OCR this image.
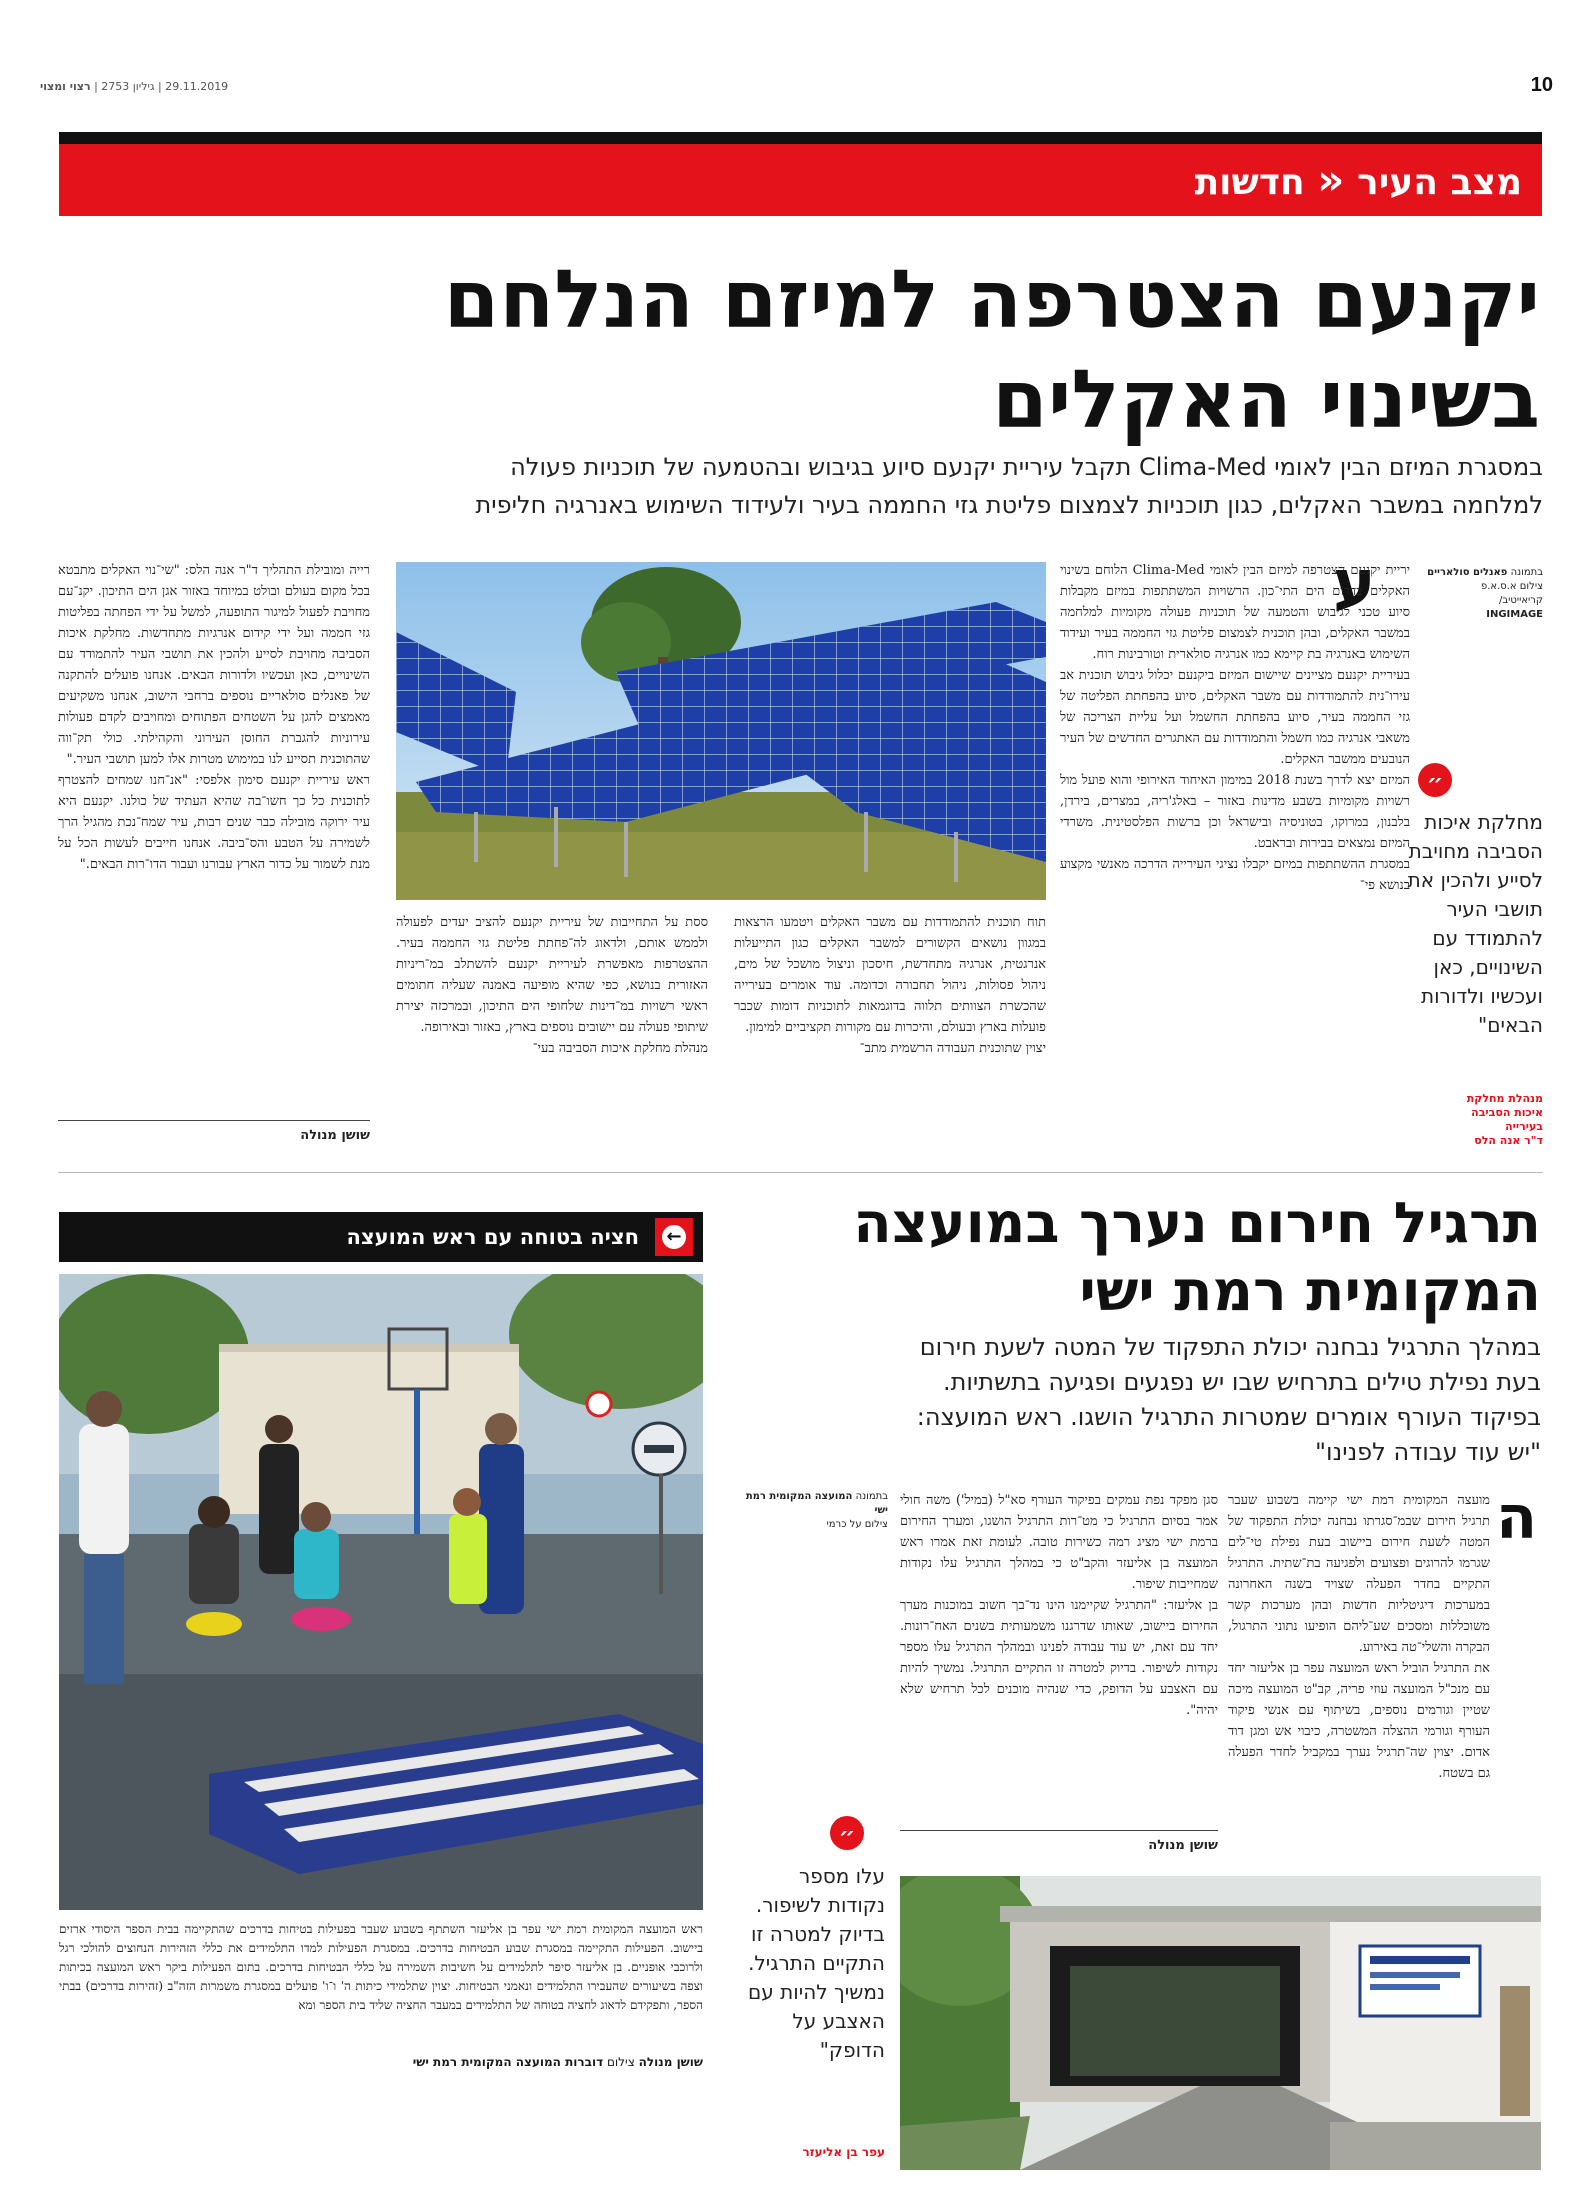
29.11.2019 | גיליון 2753 | רצוי ומצוי	10
מצב העיר « חדשות
יקנעם הצטרפה למיזם הנלחם
בשינוי האקלים
במסגרת המיזם הבין לאומי Clima-Med תקבל עיריית יקנעם סיוע בגיבוש ובהטמעה של תוכניות פעולה
למלחמה במשבר האקלים, כגון תוכניות לצמצום פליטת גזי החממה בעיר ולעידוד השימוש באנרגיה חליפית
בתמונה פאנלים סולאריים
צילום א.ס.א.פ
קריאייטיב/
INGIMAGE
״
מחלקת איכות הסביבה מחויבת לסייע ולהכין את תושבי העיר להתמודד עם השינויים, כאן ועכשיו ולדורות הבאים"
מנהלת מחלקת
איכות הסביבה
בעירייה
ד"ר אנה הלס
ע יריית יקנעם הצטרפה למיזם הבין לאומי Clima-Med הלוחם בשינוי האקלים בדרום הים התי־כון. הרשויות המשתתפות במיזם מקבלות סיוע טכני לגיבוש והטמעה של תוכניות פעולה מקומיות למלחמה במשבר האקלים, ובהן תוכנית לצמצום פליטת גזי החממה בעיר ועידוד השימוש באנרגיה בת קיימא כמו אנרגיה סולארית וטורבינות רוח.
בעיריית יקנעם מציינים שיישום המיזם ביקנעם יכלול גיבוש תוכנית אב עירו־נית להתמודדות עם משבר האקלים, סיוע בהפחתת הפליטה של גזי החממה בעיר, סיוע בהפחתת החשמל ועל עליית הצריכה של משאבי אנרגיה כמו חשמל והתמודדות עם האתגרים החדשים של העיר הנובעים ממשבר האקלים.
המיזם יצא לדרך בשנת 2018 במימון האיחוד האירופי והוא פועל מול רשויות מקומיות בשבע מדינות באזור – באלג'ריה, במצרים, בירדן, בלבנון, במרוקו, בטוניסיה ובישראל וכן ברשות הפלסטינית. משרדי המיזם נמצאים בבירות ובראבט.
במסגרת ההשתתפות במיזם יקבלו נציגי העירייה הדרכה מאנשי מקצוע בנושא פי־
תוח תוכנית להתמודדות עם משבר האקלים ויטמעו הרצאות במגוון נושאים הקשורים למשבר האקלים כגון התייעלות אנרגטית, אנרגיה מתחדשת, חיסכון וניצול מושכל של מים, ניהול פסולות, ניהול תחבורה וכדומה. עוד אומרים בעירייה שהכשרת הצוותים תלווה בדוגמאות לתוכניות דומות שכבר פועלות בארץ ובעולם, והיכרות עם מקורות תקציביים למימון.
יצוין שתוכנית העבודה הרשמית מתב־
ססת על התחייבות של עיריית יקנעם להציב יעדים לפעולה ולממש אותם, ולדאוג לה־פחתת פליטת גזי החממה בעיר. ההצטרפות מאפשרת לעיריית יקנעם להשתלב במ־ריניות האזורית בנושא, כפי שהיא מופיעה באמנה שעליה חתומים ראשי רשויות במ־דינות שלחופי הים התיכון, ובמרכזה יצירת שיתופי פעולה עם יישובים נוספים בארץ, באזור ובאירופה.
מנהלת מחלקת איכות הסביבה בעי־
רייה ומובילת התהליך ד"ר אנה הלס: "שי־נוי האקלים מתבטא בכל מקום בעולם ובולט במיוחד באזור אגן הים התיכון. יקנ־עם מחויבת לפעול למיגור התופעה, למשל על ידי הפחתה בפליטות גזי חממה ועל ידי קידום אנרגיות מתחדשות. מחלקת איכות הסביבה מחויבת לסייע ולהכין את תושבי העיר להתמודד עם השינויים, כאן ועכשיו ולדורות הבאים. אנחנו פועלים להתקנה של פאנלים סולאריים נוספים ברחבי הישוב, אנחנו משקיעים מאמצים להגן על השטחים הפתוחים ומחויבים לקדם פעולות עירוניות להגברת החוסן העירוני והקהילתי. כולי תק־ווה שהתוכנית תסייע לנו במימוש מטרות אלו למען תושבי העיר."
ראש עיריית יקנעם סימון אלפסי: "אנ־חנו שמחים להצטרף לתוכנית כל כך חשו־בה שהיא העתיד של כולנו. יקנעם היא עיר ירוקה מובילה כבר שנים רבות, עיר שמח־נכת מהגיל הרך לשמירה על הטבע והס־ביבה. אנחנו חייבים לעשות הכל על מנת לשמור על כדור הארץ עבורנו ועבור הדו־רות הבאים."
שושן מנולה
←
חציה בטוחה עם ראש המועצה
ראש המועצה המקומית רמת ישי עפר בן אליעזר השתתף בשבוע שעבר בפעילות בטיחות בדרכים שהתקיימה בבית הספר היסודי ארזים ביישוב. הפעילות התקיימה במסגרת שבוע הבטיחות בדרכים. במסגרת הפעילות למדו התלמידים את כללי הזהירות הנחוצים להולכי רגל ולרוכבי אופניים. בן אליעזר סיפר לתלמידים על חשיבות השמירה על כללי הבטיחות בדרכים. בתום הפעילות ביקר ראש המועצה בכיתות וצפה בשיעורים שהעבירו התלמידים ונאמני הבטיחות. יצוין שתלמידי כיתות ה' ו־ו' פועלים במסגרת משמרות הזה"ב (זהירות בדרכים) בבתי הספר, ותפקידם לדאוג לחציה בטוחה של התלמידים במעבר החציה שליד בית הספר ומא
שושן מנולה צילום דוברות המועצה המקומית רמת ישי
תרגיל חירום נערך במועצה
המקומית רמת ישי
במהלך התרגיל נבחנה יכולת התפקוד של המטה לשעת חירום
בעת נפילת טילים בתרחיש שבו יש נפגעים ופגיעה בתשתיות.
בפיקוד העורף אומרים שמטרות התרגיל הושגו. ראש המועצה:
"יש עוד עבודה לפנינו"
ה
מועצה המקומית רמת ישי קיימה בשבוע שעבר תרגיל חירום שבמ־סגרתו נבחנה יכולת התפקוד של המטה לשעת חירום ביישוב בעת נפילת טי־לים שגרמו להרוגים ופצועים ולפגיעה בת־שתית. התרגיל התקיים בחדר הפעלה שצויד בשנה האחרונה במערכות דיגיטליות חדשות ובהן מערכות קשר משוכללות ומסכים שע־ליהם הופיעו נתוני התרגול, הבקרה והשלי־טה באירוע.
את התרגיל הוביל ראש המועצה עפר בן אליעזר יחד עם מנכ"ל המועצה עוזי פריה, קב"ט המועצה מיכה שטיין וגורמים נוספים, בשיתוף עם אנשי פיקוד העורף וגורמי ההצלה המשטרה, כיבוי אש ומגן דוד אדום. יצוין שה־תרגיל נערך במקביל לחדר הפעלה גם בשטח.
סגן מפקד נפת עמקים בפיקוד העורף סא"ל (במיל') משה חולי אמר בסיום התרגיל כי מט־רות התרגיל הושגו, ומערך החירום ברמת ישי מציג רמה כשירות טובה. לעומת זאת אמרו ראש המועצה בן אליעזר והקב"ט כי במהלך התרגיל עלו נקודות שמחייבות שיפור.
בן אליעזר: "התרגיל שקיימנו הינו נד־בך חשוב במוכנות מערך החירום ביישוב, שאותו שדרגנו משמעותית בשנים האח־רונות. יחד עם זאת, יש עוד עבודה לפנינו ובמהלך התרגיל עלו מספר נקודות לשיפור. בדיוק למטרה זו התקיים התרגיל. נמשיך להיות עם האצבע על הדופק, כדי שנהיה מוכנים לכל תרחיש שלא יהיה".
בתמונה המועצה המקומית רמת ישי
צילום על כרמי
שושן מנולה
״
עלו מספר נקודות לשיפור. בדיוק למטרה זו התקיים התרגיל. נמשיך להיות עם האצבע על הדופק"
עפר בן אליעזר
